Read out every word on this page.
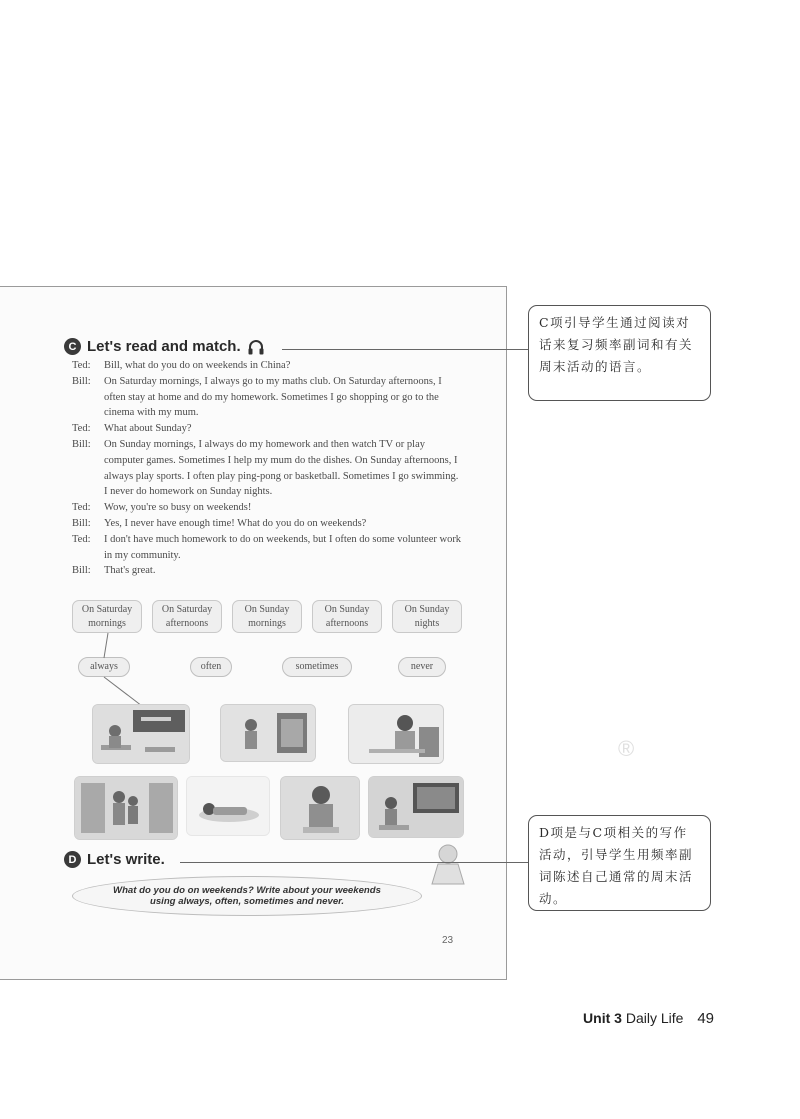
C Let's read and match.
Ted:	Bill, what do you do on weekends in China?
Bill:	On Saturday mornings, I always go to my maths club. On Saturday afternoons, I often stay at home and do my homework. Sometimes I go shopping or go to the cinema with my mum.
Ted:	What about Sunday?
Bill:	On Sunday mornings, I always do my homework and then watch TV or play computer games. Sometimes I help my mum do the dishes. On Sunday afternoons, I always play sports. I often play ping-pong or basketball. Sometimes I go swimming. I never do homework on Sunday nights.
Ted:	Wow, you're so busy on weekends!
Bill:	Yes, I never have enough time! What do you do on weekends?
Ted:	I don't have much homework to do on weekends, but I often do some volunteer work in my community.
Bill:	That's great.
On Saturday
mornings
On Saturday
afternoons
On Sunday
mornings
On Sunday
afternoons
On Sunday
nights
always	often	sometimes	never
D Let's write.
What do you do on weekends? Write about your weekends
using always, often, sometimes and never.
23
®
C项引导学生通过阅读对话来复习频率副词和有关周末活动的语言。
D项是与C项相关的写作活动，引导学生用频率副词陈述自己通常的周末活动。
Unit 3 Daily Life 49
